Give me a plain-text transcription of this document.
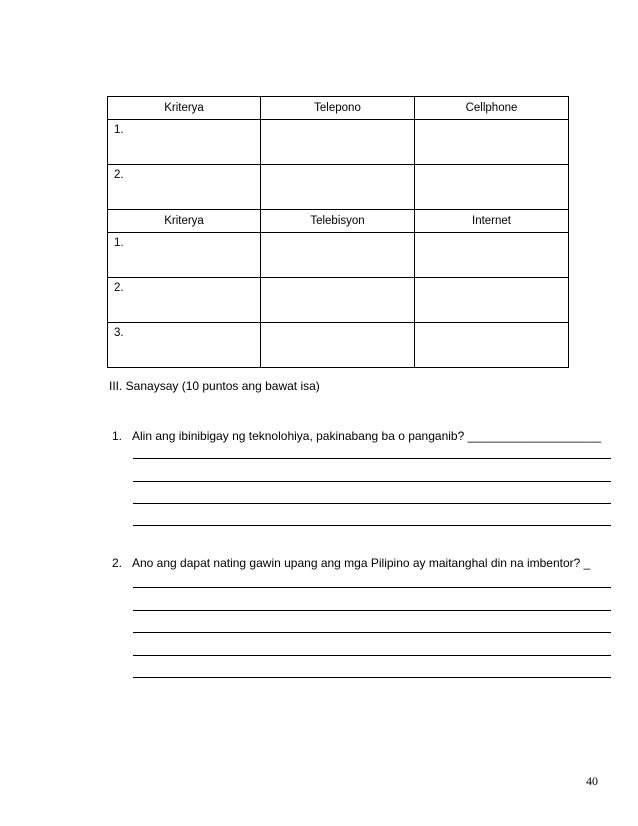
Kriterya	Telepono	Cellphone
1.		
2.		
Kriterya	Telebisyon	Internet
1.		
2.		
3.		
III. Sanaysay (10 puntos ang bawat isa)
1. Alin ang ibinibigay ng teknolohiya, pakinabang ba o panganib? ____________________
2. Ano ang dapat nating gawin upang ang mga Pilipino ay maitanghal din na imbentor? _
40
